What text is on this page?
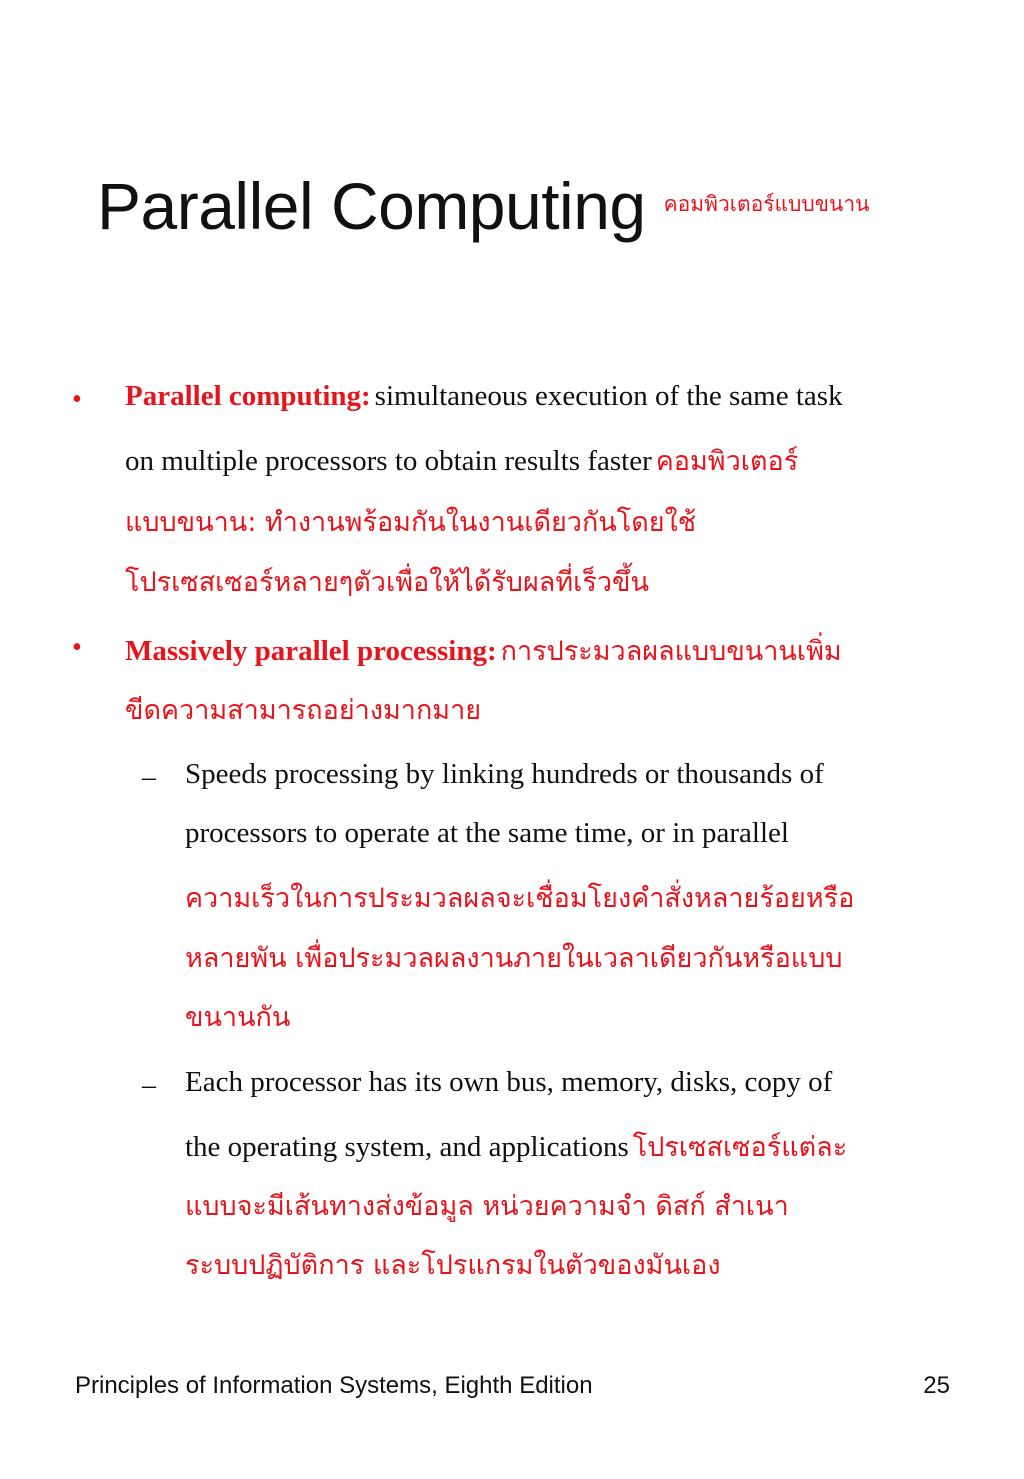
Parallel Computing คอมพิวเตอร์แบบขนาน
• Parallel computing: simultaneous execution of the same task
on multiple processors to obtain results faster คอมพิวเตอร์
แบบขนาน: ทำงานพร้อมกันในงานเดียวกันโดยใช้
โปรเซสเซอร์หลายๆตัวเพื่อให้ได้รับผลที่เร็วขึ้น
• Massively parallel processing: การประมวลผลแบบขนานเพิ่ม
ขีดความสามารถอย่างมากมาย
– Speeds processing by linking hundreds or thousands of
processors to operate at the same time, or in parallel
ความเร็วในการประมวลผลจะเชื่อมโยงคำสั่งหลายร้อยหรือ
หลายพัน เพื่อประมวลผลงานภายในเวลาเดียวกันหรือแบบ
ขนานกัน
– Each processor has its own bus, memory, disks, copy of
the operating system, and applications โปรเซสเซอร์แต่ละ
แบบจะมีเส้นทางส่งข้อมูล หน่วยความจำ ดิสก์ สำเนา
ระบบปฏิบัติการ และโปรแกรมในตัวของมันเอง
Principles of Information Systems, Eighth Edition	25
